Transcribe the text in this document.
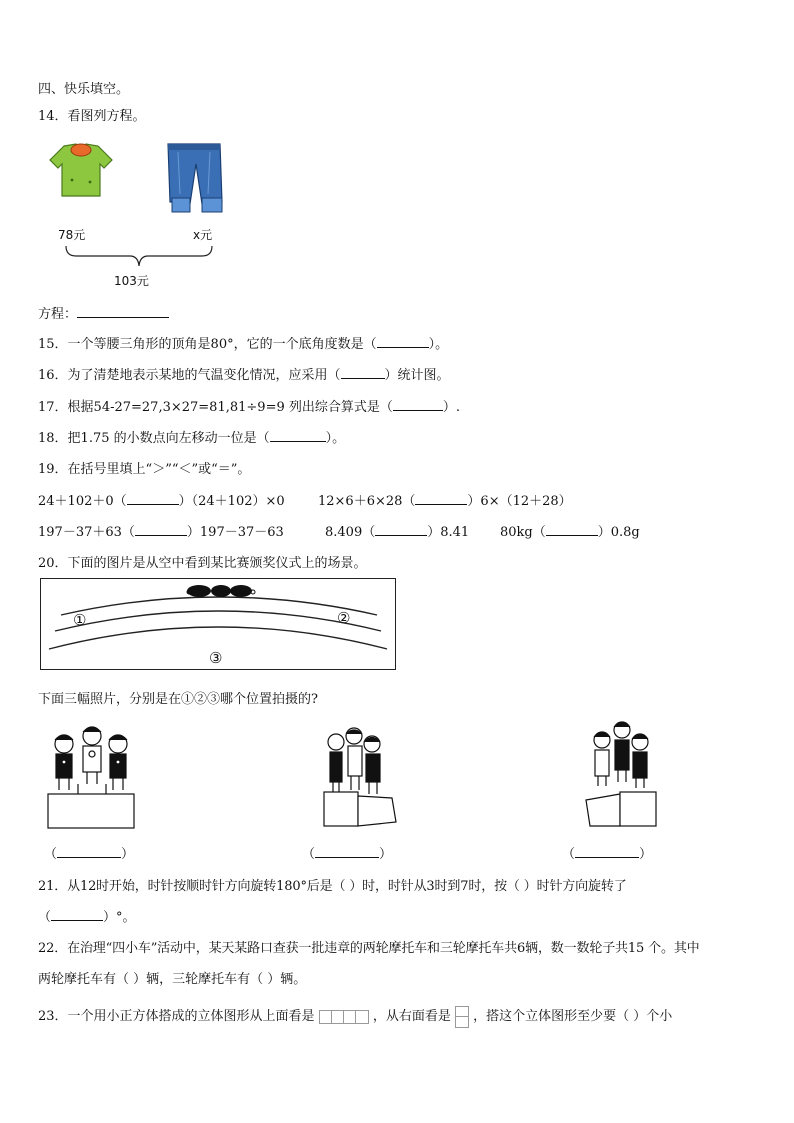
四、快乐填空。
14．看图列方程。
78元	x元
103元
方程：
15．一个等腰三角形的顶角是80°，它的一个底角度数是（	）。
16．为了清楚地表示某地的气温变化情况，应采用（	）统计图。
17．根据54-27=27,3×27=81,81÷9=9 列出综合算式是（	）.
18．把1.75 的小数点向左移动一位是（	）。
19．在括号里填上“＞”“＜”或“＝”。
24＋102＋0（	）（24＋102）×0	12×6＋6×28（	）6×（12＋28）
197－37＋63（	）197－37－63	8.409（	）8.41 80kg（	）0.8g
20．下面的图片是从空中看到某比赛颁奖仪式上的场景。
①	②
③
下面三幅照片，分别是在①②③哪个位置拍摄的?
（	）	（	）	（	）
21．从12时开始，时针按顺时针方向旋转180°后是（ ）时，时针从3时到7时，按（ ）时针方向旋转了
（	）°。
22．在治理“四小车”活动中，某天某路口查获一批违章的两轮摩托车和三轮摩托车共6辆，数一数轮子共15 个。其中
两轮摩托车有（ ）辆，三轮摩托车有（ ）辆。
23．一个用小正方体搭成的立体图形从上面看是	，从右面看是 ，搭这个立体图形至少要（ ）个小
